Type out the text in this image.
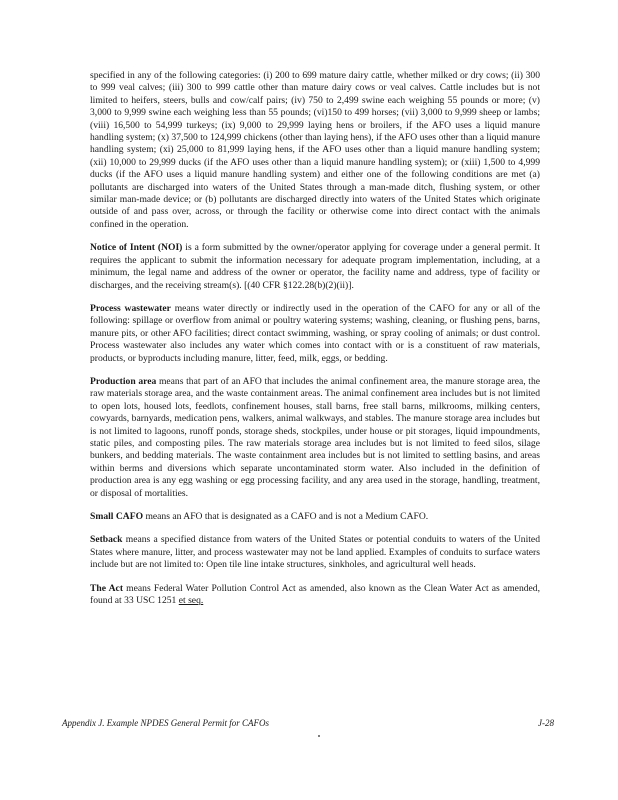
specified in any of the following categories: (i) 200 to 699 mature dairy cattle, whether milked or dry cows; (ii) 300 to 999 veal calves; (iii) 300 to 999 cattle other than mature dairy cows or veal calves. Cattle includes but is not limited to heifers, steers, bulls and cow/calf pairs; (iv) 750 to 2,499 swine each weighing 55 pounds or more; (v) 3,000 to 9,999 swine each weighing less than 55 pounds; (vi)150 to 499 horses; (vii) 3,000 to 9,999 sheep or lambs; (viii) 16,500 to 54,999 turkeys; (ix) 9,000 to 29,999 laying hens or broilers, if the AFO uses a liquid manure handling system; (x) 37,500 to 124,999 chickens (other than laying hens), if the AFO uses other than a liquid manure handling system; (xi) 25,000 to 81,999 laying hens, if the AFO uses other than a liquid manure handling system; (xii) 10,000 to 29,999 ducks (if the AFO uses other than a liquid manure handling system); or (xiii) 1,500 to 4,999 ducks (if the AFO uses a liquid manure handling system) and either one of the following conditions are met (a) pollutants are discharged into waters of the United States through a man-made ditch, flushing system, or other similar man-made device; or (b) pollutants are discharged directly into waters of the United States which originate outside of and pass over, across, or through the facility or otherwise come into direct contact with the animals confined in the operation.

Notice of Intent (NOI) is a form submitted by the owner/operator applying for coverage under a general permit. It requires the applicant to submit the information necessary for adequate program implementation, including, at a minimum, the legal name and address of the owner or operator, the facility name and address, type of facility or discharges, and the receiving stream(s). [(40 CFR §122.28(b)(2)(ii)].

Process wastewater means water directly or indirectly used in the operation of the CAFO for any or all of the following: spillage or overflow from animal or poultry watering systems; washing, cleaning, or flushing pens, barns, manure pits, or other AFO facilities; direct contact swimming, washing, or spray cooling of animals; or dust control. Process wastewater also includes any water which comes into contact with or is a constituent of raw materials, products, or byproducts including manure, litter, feed, milk, eggs, or bedding.

Production area means that part of an AFO that includes the animal confinement area, the manure storage area, the raw materials storage area, and the waste containment areas. The animal confinement area includes but is not limited to open lots, housed lots, feedlots, confinement houses, stall barns, free stall barns, milkrooms, milking centers, cowyards, barnyards, medication pens, walkers, animal walkways, and stables. The manure storage area includes but is not limited to lagoons, runoff ponds, storage sheds, stockpiles, under house or pit storages, liquid impoundments, static piles, and composting piles. The raw materials storage area includes but is not limited to feed silos, silage bunkers, and bedding materials. The waste containment area includes but is not limited to settling basins, and areas within berms and diversions which separate uncontaminated storm water. Also included in the definition of production area is any egg washing or egg processing facility, and any area used in the storage, handling, treatment, or disposal of mortalities.

Small CAFO means an AFO that is designated as a CAFO and is not a Medium CAFO.

Setback means a specified distance from waters of the United States or potential conduits to waters of the United States where manure, litter, and process wastewater may not be land applied. Examples of conduits to surface waters include but are not limited to: Open tile line intake structures, sinkholes, and agricultural well heads.

The Act means Federal Water Pollution Control Act as amended, also known as the Clean Water Act as amended, found at 33 USC 1251 et seq.

Appendix J. Example NPDES General Permit for CAFOs	J-28
